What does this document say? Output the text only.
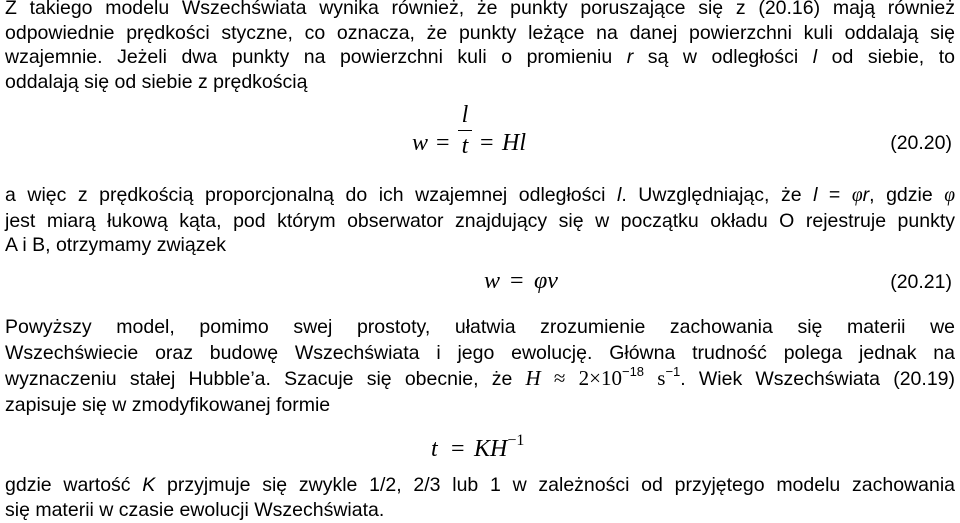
Z takiego modelu Wszechświata wynika również, że punkty poruszające się z (20.16) mają również
odpowiednie prędkości styczne, co oznacza, że punkty leżące na danej powierzchni kuli oddalają się
wzajemnie. Jeżeli dwa punkty na powierzchni kuli o promieniu r są w odległości l od siebie, to
oddalają się od siebie z prędkością
w =
l
t = Hl	(20.20)
a więc z prędkością proporcjonalną do ich wzajemnej odległości l. Uwzględniając, że l = φr, gdzie φ
jest miarą łukową kąta, pod którym obserwator znajdujący się w początku okładu O rejestruje punkty
A i B, otrzymamy związek
w = φv	(20.21)
Powyższy model, pomimo swej prostoty, ułatwia zrozumienie zachowania się materii we
Wszechświecie oraz budowę Wszechświata i jego ewolucję. Główna trudność polega jednak na
wyznaczeniu stałej Hubble’a. Szacuje się obecnie, że $H \approx 2\times 10^{-18}$ $s^{-1}$. Wiek Wszechświata (20.19)
zapisuje się w zmodyfikowanej formie
$t = KH^{-1}$
gdzie wartość K przyjmuje się zwykle 1/2, 2/3 lub 1 w zależności od przyjętego modelu zachowania
się materii w czasie ewolucji Wszechświata.
